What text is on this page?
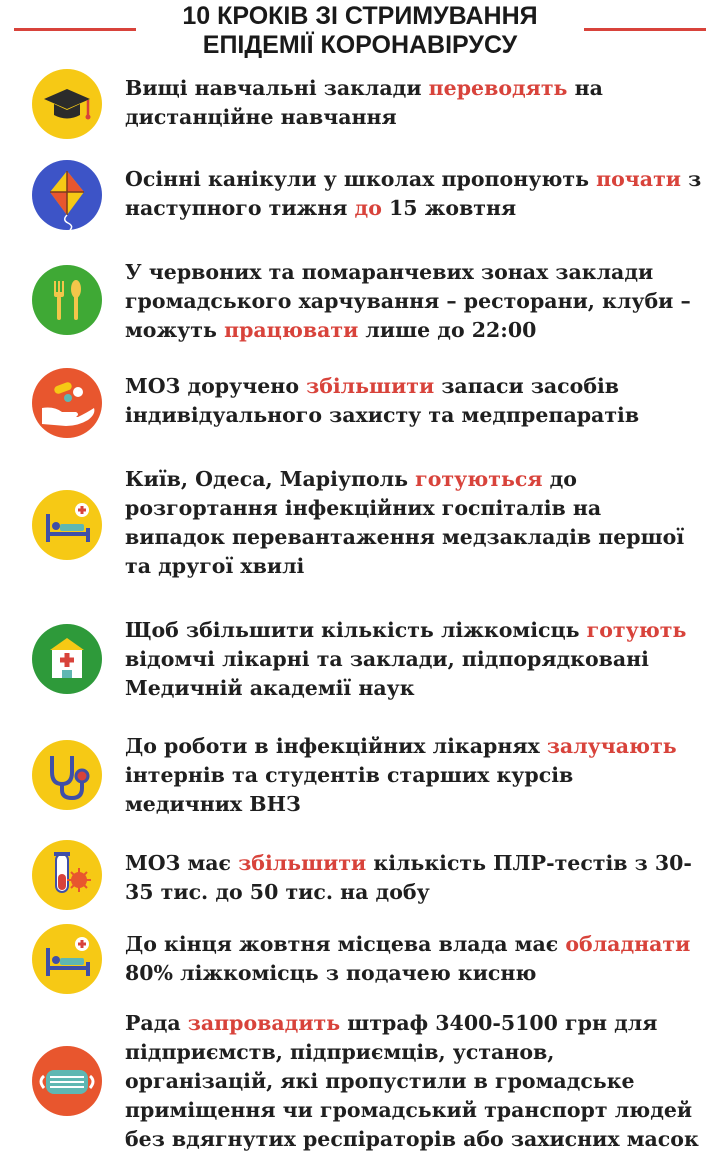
10 КРОКІВ ЗІ СТРИМУВАННЯ
ЕПІДЕМІЇ КОРОНАВІРУСУ
Вищі навчальні заклади переводять на
дистанційне навчання
Осінні канікули у школах пропонують почати з
наступного тижня до 15 жовтня
У червоних та помаранчевих зонах заклади
громадського харчування – ресторани, клуби –
можуть працювати лише до 22:00
МОЗ доручено збільшити запаси засобів
індивідуального захисту та медпрепаратів
Київ, Одеса, Маріуполь готуються до
розгортання інфекційних госпіталів на
випадок перевантаження медзакладів першої
та другої хвилі
Щоб збільшити кількість ліжкомісць готують
відомчі лікарні та заклади, підпорядковані
Медичній академії наук
До роботи в інфекційних лікарнях залучають
інтернів та студентів старших курсів
медичних ВНЗ
МОЗ має збільшити кількість ПЛР-тестів з 30-
35 тис. до 50 тис. на добу
До кінця жовтня місцева влада має обладнати
80% ліжкомісць з подачею кисню
Рада запровадить штраф 3400-5100 грн для
підприємств, підприємців, установ,
організацій, які пропустили в громадське
приміщення чи громадський транспорт людей
без вдягнутих респіраторів або захисних масок
